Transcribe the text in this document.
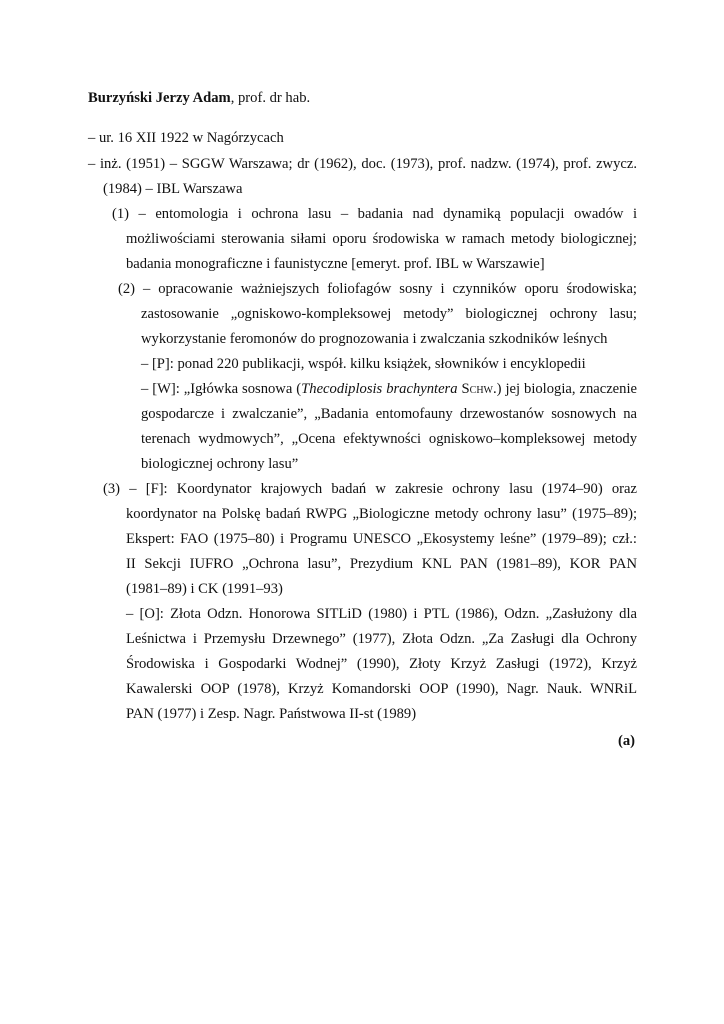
Burzyński Jerzy Adam, prof. dr hab.
– ur. 16 XII 1922 w Nagórzycach
– inż. (1951) – SGGW Warszawa; dr (1962), doc. (1973), prof. nadzw. (1974), prof. zwycz.
(1984) – IBL Warszawa
(1) – entomologia i ochrona lasu – badania nad dynamiką populacji owadów i
możliwościami sterowania siłami oporu środowiska w ramach metody biologicznej;
badania monograficzne i faunistyczne [emeryt. prof. IBL w Warszawie]
(2) – opracowanie ważniejszych foliofagów sosny i czynników oporu środowiska;
zastosowanie „ogniskowo-kompleksowej metody” biologicznej ochrony lasu;
wykorzystanie feromonów do prognozowania i zwalczania szkodników leśnych
– [P]: ponad 220 publikacji, współ. kilku książek, słowników i encyklopedii
– [W]: „Igłówka sosnowa (Thecodiplosis brachyntera Schw.) jej biologia, znaczenie
gospodarcze i zwalczanie”, „Badania entomofauny drzewostanów sosnowych na
terenach wydmowych”, „Ocena efektywności ogniskowo–kompleksowej metody
biologicznej ochrony lasu”
(3) – [F]: Koordynator krajowych badań w zakresie ochrony lasu (1974–90) oraz
koordynator na Polskę badań RWPG „Biologiczne metody ochrony lasu” (1975–89);
Ekspert: FAO (1975–80) i Programu UNESCO „Ekosystemy leśne” (1979–89); czł.:
II Sekcji IUFRO „Ochrona lasu”, Prezydium KNL PAN (1981–89), KOR PAN
(1981–89) i CK (1991–93)
– [O]: Złota Odzn. Honorowa SITLiD (1980) i PTL (1986), Odzn. „Zasłużony dla
Leśnictwa i Przemysłu Drzewnego” (1977), Złota Odzn. „Za Zasługi dla Ochrony
Środowiska i Gospodarki Wodnej” (1990), Złoty Krzyż Zasługi (1972), Krzyż
Kawalerski OOP (1978), Krzyż Komandorski OOP (1990), Nagr. Nauk. WNRiL
PAN (1977) i Zesp. Nagr. Państwowa II-st (1989)
(a)
